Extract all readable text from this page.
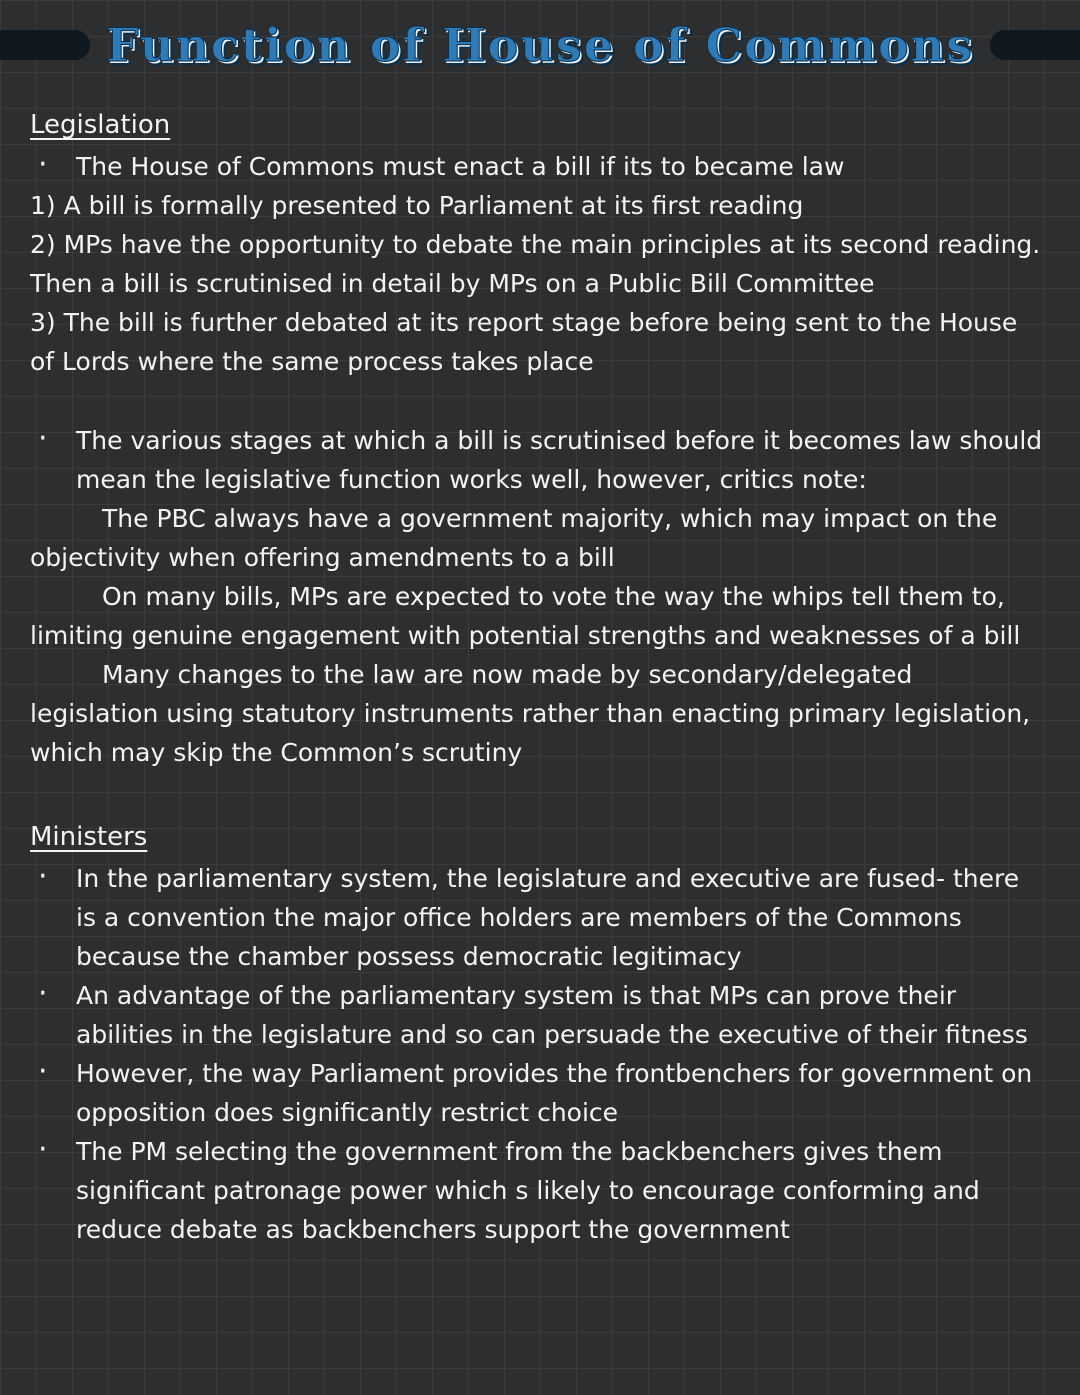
Function of House of Commons
Legislation
· The House of Commons must enact a bill if its to became law
1) A bill is formally presented to Parliament at its first reading
2) MPs have the opportunity to debate the main principles at its second reading. Then a bill is scrutinised in detail by MPs on a Public Bill Committee
3) The bill is further debated at its report stage before being sent to the House of Lords where the same process takes place
· The various stages at which a bill is scrutinised before it becomes law should mean the legislative function works well, however, critics note:
The PBC always have a government majority, which may impact on the objectivity when offering amendments to a bill
On many bills, MPs are expected to vote the way the whips tell them to, limiting genuine engagement with potential strengths and weaknesses of a bill
Many changes to the law are now made by secondary/delegated legislation using statutory instruments rather than enacting primary legislation, which may skip the Common’s scrutiny
Ministers
· In the parliamentary system, the legislature and executive are fused- there is a convention the major office holders are members of the Commons because the chamber possess democratic legitimacy
· An advantage of the parliamentary system is that MPs can prove their abilities in the legislature and so can persuade the executive of their fitness
· However, the way Parliament provides the frontbenchers for government on opposition does significantly restrict choice
· The PM selecting the government from the backbenchers gives them significant patronage power which s likely to encourage conforming and reduce debate as backbenchers support the government
